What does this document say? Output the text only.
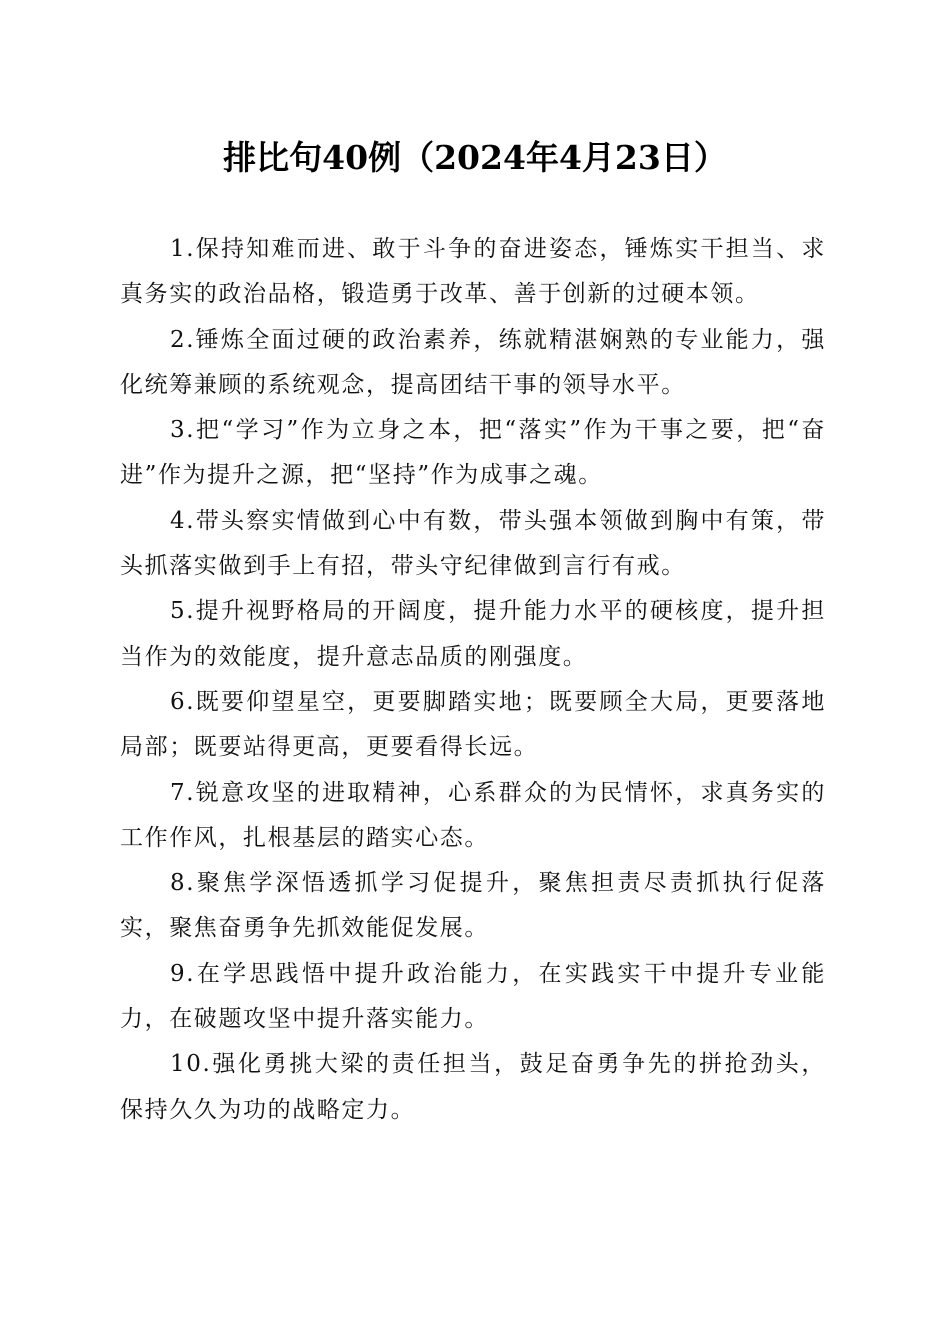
排比句40例（2024年4月23日）

1.保持知难而进、敢于斗争的奋进姿态，锤炼实干担当、求真务实的政治品格，锻造勇于改革、善于创新的过硬本领。

2.锤炼全面过硬的政治素养，练就精湛娴熟的专业能力，强化统筹兼顾的系统观念，提高团结干事的领导水平。

3.把“学习”作为立身之本，把“落实”作为干事之要，把“奋进”作为提升之源，把“坚持”作为成事之魂。

4.带头察实情做到心中有数，带头强本领做到胸中有策，带头抓落实做到手上有招，带头守纪律做到言行有戒。

5.提升视野格局的开阔度，提升能力水平的硬核度，提升担当作为的效能度，提升意志品质的刚强度。

6.既要仰望星空，更要脚踏实地；既要顾全大局，更要落地局部；既要站得更高，更要看得长远。

7.锐意攻坚的进取精神，心系群众的为民情怀，求真务实的工作作风，扎根基层的踏实心态。

8.聚焦学深悟透抓学习促提升，聚焦担责尽责抓执行促落实，聚焦奋勇争先抓效能促发展。

9.在学思践悟中提升政治能力，在实践实干中提升专业能力，在破题攻坚中提升落实能力。

10.强化勇挑大梁的责任担当，鼓足奋勇争先的拼抢劲头，保持久久为功的战略定力。
